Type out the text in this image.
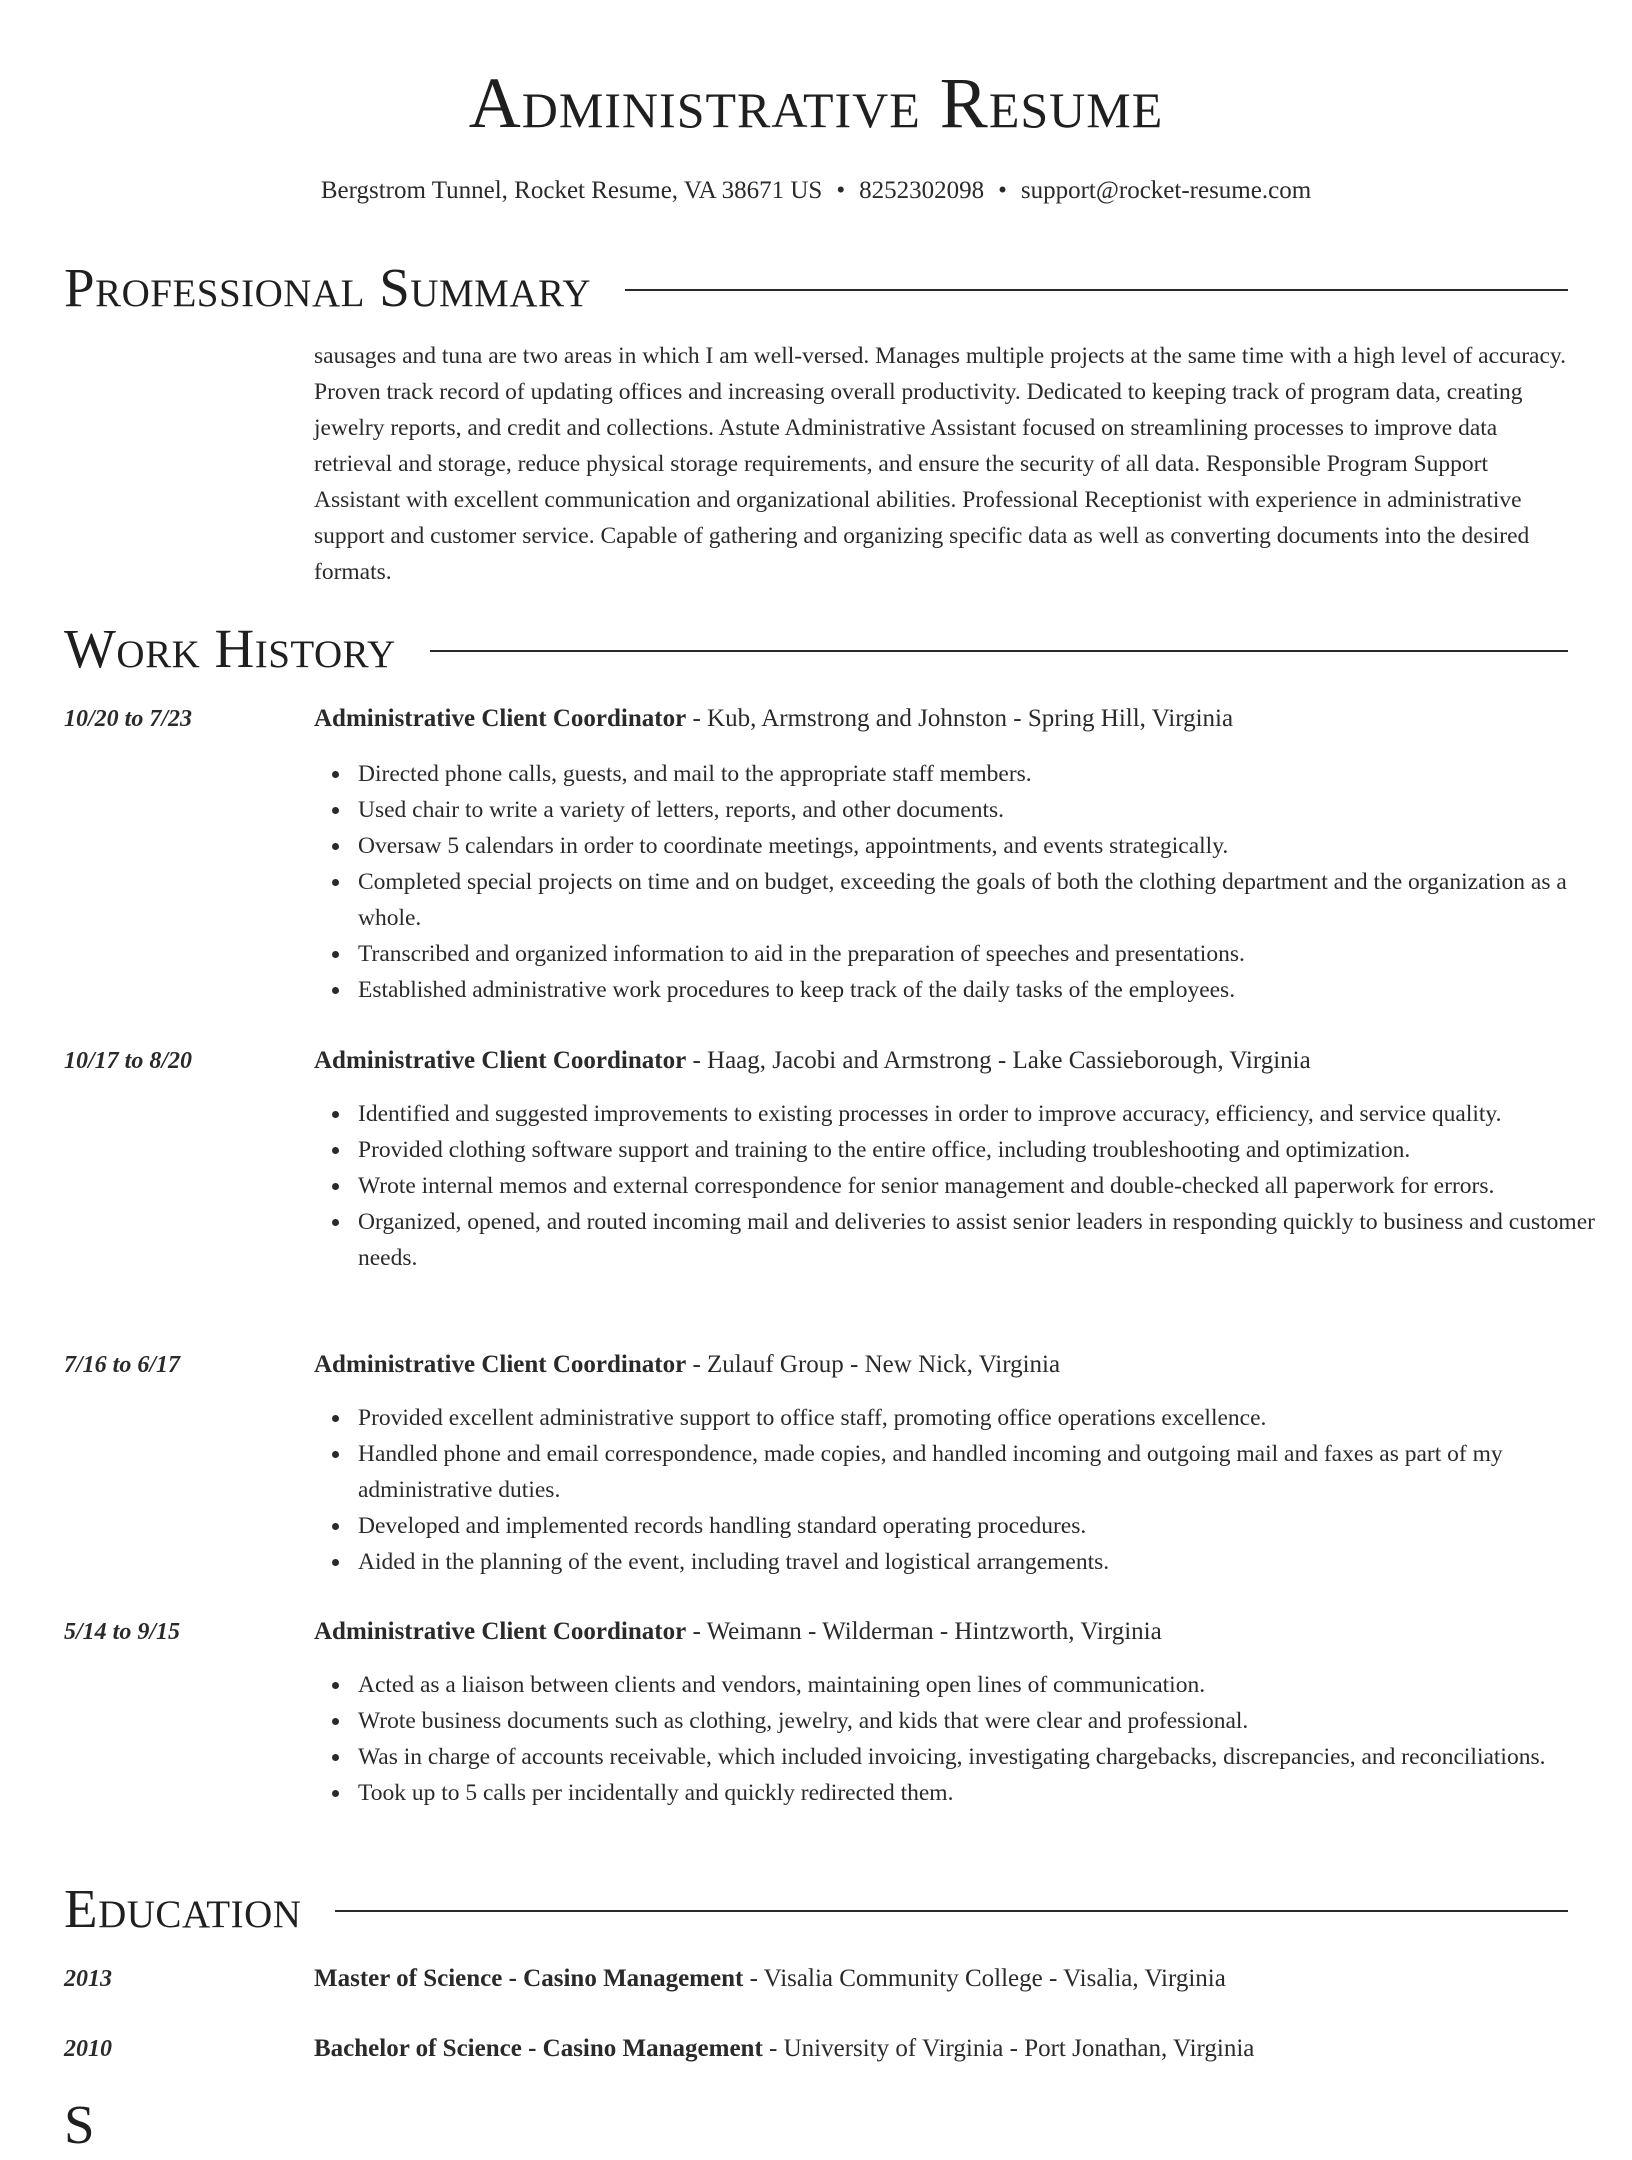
Administrative Resume
Bergstrom Tunnel, Rocket Resume, VA 38671 US • 8252302098 • support@rocket-resume.com
Professional Summary
sausages and tuna are two areas in which I am well-versed. Manages multiple projects at the same time with a high level of accuracy. Proven track record of updating offices and increasing overall productivity. Dedicated to keeping track of program data, creating jewelry reports, and credit and collections. Astute Administrative Assistant focused on streamlining processes to improve data retrieval and storage, reduce physical storage requirements, and ensure the security of all data. Responsible Program Support Assistant with excellent communication and organizational abilities. Professional Receptionist with experience in administrative support and customer service. Capable of gathering and organizing specific data as well as converting documents into the desired formats.
Work History
10/20 to 7/23	Administrative Client Coordinator - Kub, Armstrong and Johnston - Spring Hill, Virginia
Directed phone calls, guests, and mail to the appropriate staff members.
Used chair to write a variety of letters, reports, and other documents.
Oversaw 5 calendars in order to coordinate meetings, appointments, and events strategically.
Completed special projects on time and on budget, exceeding the goals of both the clothing department and the organization as a whole.
Transcribed and organized information to aid in the preparation of speeches and presentations.
Established administrative work procedures to keep track of the daily tasks of the employees.
10/17 to 8/20	Administrative Client Coordinator - Haag, Jacobi and Armstrong - Lake Cassieborough, Virginia
Identified and suggested improvements to existing processes in order to improve accuracy, efficiency, and service quality.
Provided clothing software support and training to the entire office, including troubleshooting and optimization.
Wrote internal memos and external correspondence for senior management and double-checked all paperwork for errors.
Organized, opened, and routed incoming mail and deliveries to assist senior leaders in responding quickly to business and customer needs.
7/16 to 6/17	Administrative Client Coordinator - Zulauf Group - New Nick, Virginia
Provided excellent administrative support to office staff, promoting office operations excellence.
Handled phone and email correspondence, made copies, and handled incoming and outgoing mail and faxes as part of my administrative duties.
Developed and implemented records handling standard operating procedures.
Aided in the planning of the event, including travel and logistical arrangements.
5/14 to 9/15	Administrative Client Coordinator - Weimann - Wilderman - Hintzworth, Virginia
Acted as a liaison between clients and vendors, maintaining open lines of communication.
Wrote business documents such as clothing, jewelry, and kids that were clear and professional.
Was in charge of accounts receivable, which included invoicing, investigating chargebacks, discrepancies, and reconciliations.
Took up to 5 calls per incidentally and quickly redirected them.
Education
2013	Master of Science - Casino Management - Visalia Community College - Visalia, Virginia
2010	Bachelor of Science - Casino Management - University of Virginia - Port Jonathan, Virginia
S
